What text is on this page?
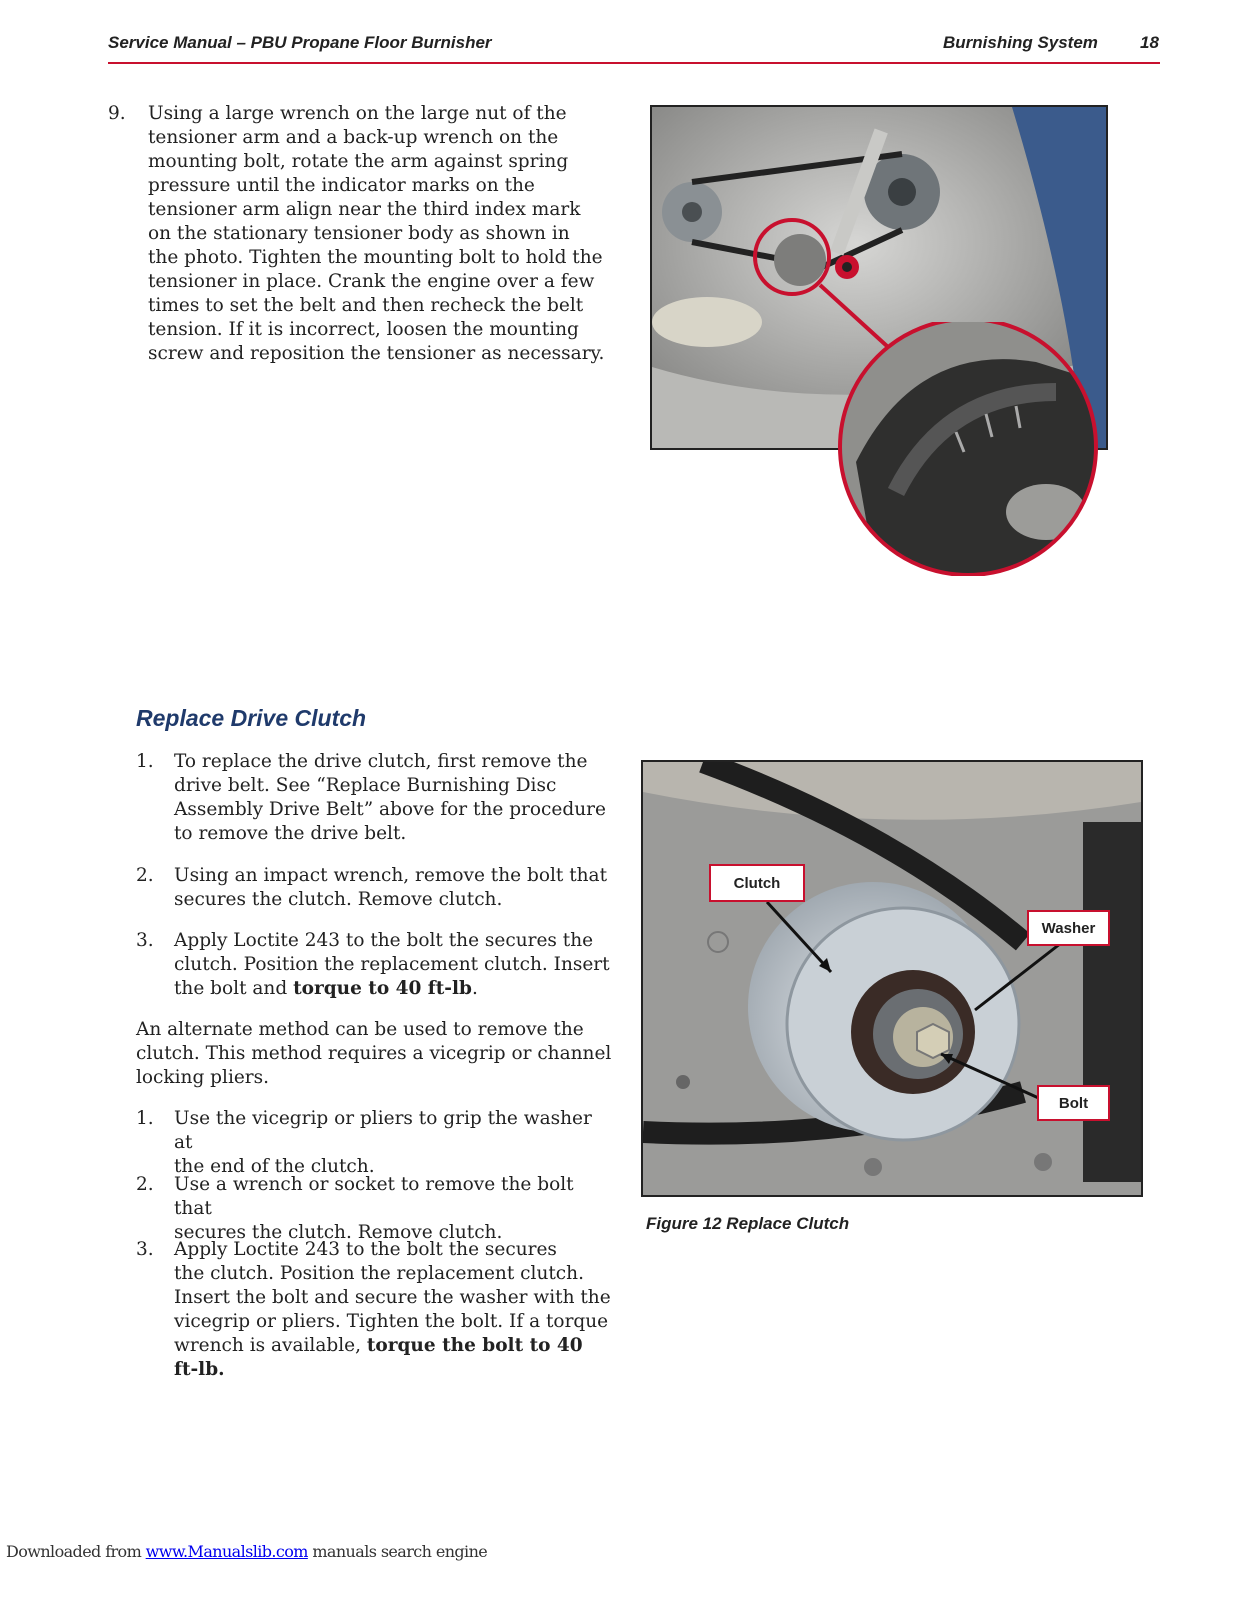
Service Manual – PBU Propane Floor Burnisher	Burnishing System 18
9. Using a large wrench on the large nut of the
tensioner arm and a back-up wrench on the
mounting bolt, rotate the arm against spring
pressure until the indicator marks on the
tensioner arm align near the third index mark
on the stationary tensioner body as shown in
the photo. Tighten the mounting bolt to hold the
tensioner in place. Crank the engine over a few
times to set the belt and then recheck the belt
tension. If it is incorrect, loosen the mounting
screw and reposition the tensioner as necessary.
Replace Drive Clutch
1. To replace the drive clutch, first remove the
drive belt. See “Replace Burnishing Disc
Assembly Drive Belt” above for the procedure
to remove the drive belt.
2. Using an impact wrench, remove the bolt that
secures the clutch. Remove clutch.
3. Apply Loctite 243 to the bolt the secures the
clutch. Position the replacement clutch. Insert
the bolt and torque to 40 ft-lb.
An alternate method can be used to remove the
clutch. This method requires a vicegrip or channel
locking pliers.
1. Use the vicegrip or pliers to grip the washer at
the end of the clutch.
2. Use a wrench or socket to remove the bolt that
secures the clutch. Remove clutch.
3. Apply Loctite 243 to the bolt the secures
the clutch. Position the replacement clutch.
Insert the bolt and secure the washer with the
vicegrip or pliers. Tighten the bolt. If a torque
wrench is available, torque the bolt to 40
ft-lb.
Clutch
Washer
Bolt
Figure 12 Replace Clutch
Downloaded from www.Manualslib.com manuals search engine
